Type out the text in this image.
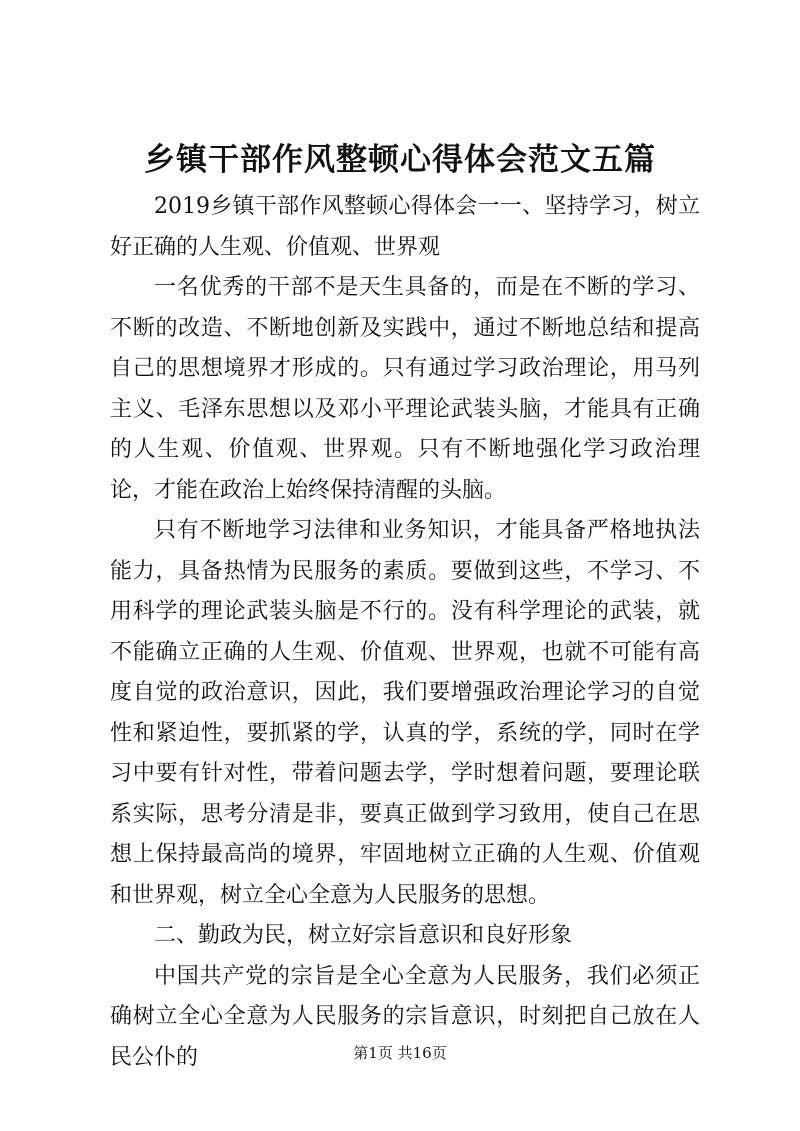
乡镇干部作风整顿心得体会范文五篇

2019乡镇干部作风整顿心得体会一一、坚持学习，树立好正确的人生观、价值观、世界观

一名优秀的干部不是天生具备的，而是在不断的学习、不断的改造、不断地创新及实践中，通过不断地总结和提高自己的思想境界才形成的。只有通过学习政治理论，用马列主义、毛泽东思想以及邓小平理论武装头脑，才能具有正确的人生观、价值观、世界观。只有不断地强化学习政治理论，才能在政治上始终保持清醒的头脑。

只有不断地学习法律和业务知识，才能具备严格地执法能力，具备热情为民服务的素质。要做到这些，不学习、不用科学的理论武装头脑是不行的。没有科学理论的武装，就不能确立正确的人生观、价值观、世界观，也就不可能有高度自觉的政治意识，因此，我们要增强政治理论学习的自觉性和紧迫性，要抓紧的学，认真的学，系统的学，同时在学习中要有针对性，带着问题去学，学时想着问题，要理论联系实际，思考分清是非，要真正做到学习致用，使自己在思想上保持最高尚的境界，牢固地树立正确的人生观、价值观和世界观，树立全心全意为人民服务的思想。

二、勤政为民，树立好宗旨意识和良好形象

中国共产党的宗旨是全心全意为人民服务，我们必须正确树立全心全意为人民服务的宗旨意识，时刻把自己放在人民公仆的	第1页 共16页
